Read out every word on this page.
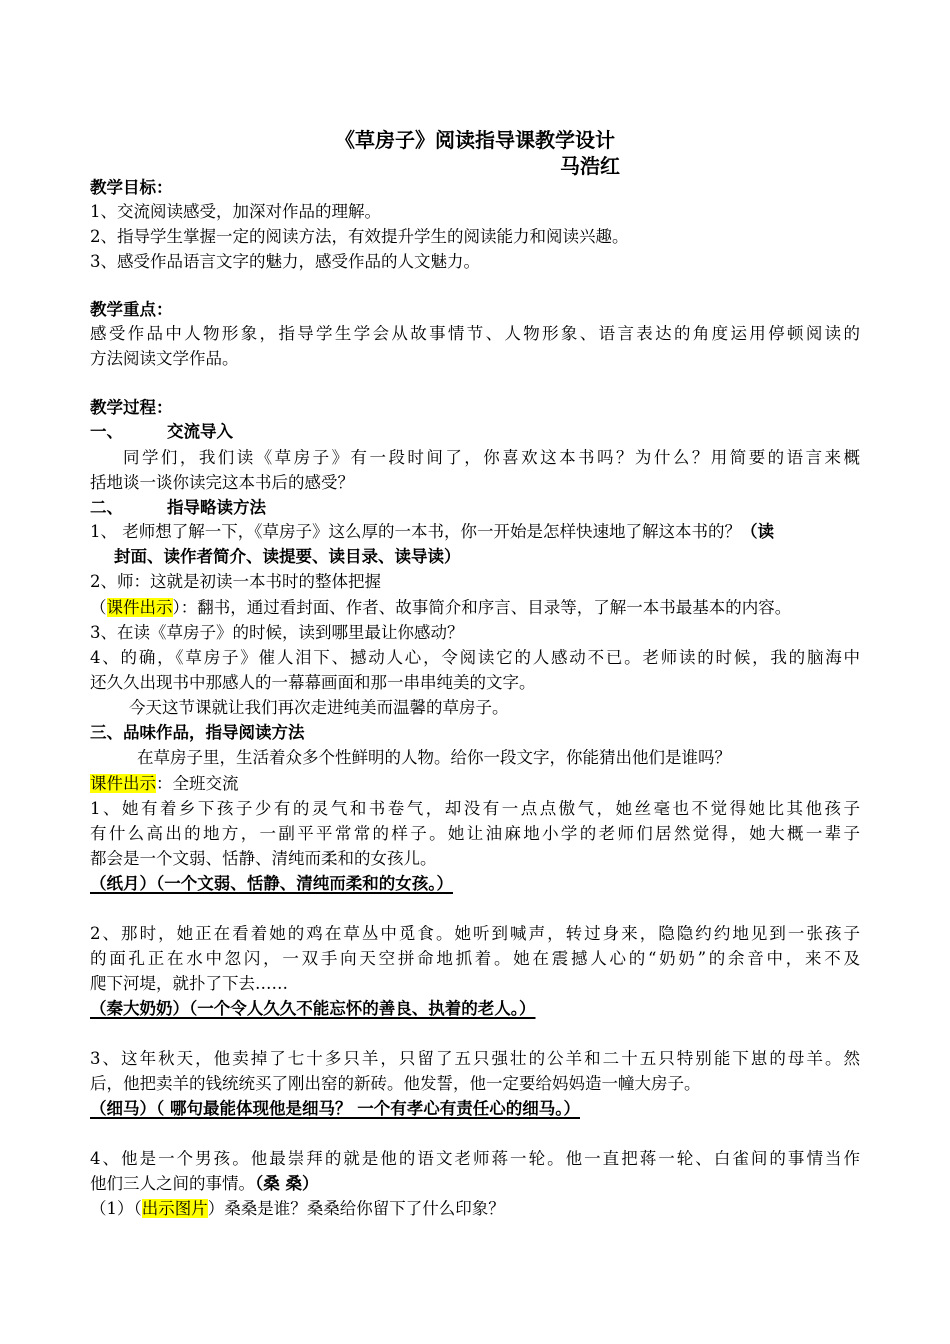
《草房子》阅读指导课教学设计
马浩红
教学目标：
1、交流阅读感受，加深对作品的理解。
2、指导学生掌握一定的阅读方法，有效提升学生的阅读能力和阅读兴趣。
3、感受作品语言文字的魅力，感受作品的人文魅力。
教学重点：
感受作品中人物形象，指导学生学会从故事情节、人物形象、语言表达的角度运用停顿阅读的
方法阅读文学作品。
教学过程：
一、	交流导入
同学们，我们读《草房子》有一段时间了，你喜欢这本书吗？为什么？用简要的语言来概
括地谈一谈你读完这本书后的感受？
二、	指导略读方法
1、 老师想了解一下，《草房子》这么厚的一本书，你一开始是怎样快速地了解这本书的？（读
封面、读作者简介、读提要、读目录、读导读）
2、师：这就是初读一本书时的整体把握
（课件出示）：翻书，通过看封面、作者、故事简介和序言、目录等，了解一本书最基本的内容。
3、在读《草房子》的时候，读到哪里最让你感动？
4、的确，《草房子》催人泪下、撼动人心，令阅读它的人感动不已。老师读的时候，我的脑海中
还久久出现书中那感人的一幕幕画面和那一串串纯美的文字。
今天这节课就让我们再次走进纯美而温馨的草房子。
三、品味作品，指导阅读方法
在草房子里，生活着众多个性鲜明的人物。给你一段文字，你能猜出他们是谁吗？
课件出示：全班交流
1、她有着乡下孩子少有的灵气和书卷气，却没有一点点傲气，她丝毫也不觉得她比其他孩子
有什么高出的地方，一副平平常常的样子。她让油麻地小学的老师们居然觉得，她大概一辈子
都会是一个文弱、恬静、清纯而柔和的女孩儿。
（纸月）（一个文弱、恬静、清纯而柔和的女孩。）
2、那时，她正在看着她的鸡在草丛中觅食。她听到喊声，转过身来，隐隐约约地见到一张孩子
的面孔正在水中忽闪，一双手向天空拼命地抓着。她在震撼人心的“奶奶”的余音中，来不及
爬下河堤，就扑了下去……
（秦大奶奶）（一个令人久久不能忘怀的善良、执着的老人。）
3、这年秋天，他卖掉了七十多只羊，只留了五只强壮的公羊和二十五只特别能下崽的母羊。然
后，他把卖羊的钱统统买了刚出窑的新砖。他发誓，他一定要给妈妈造一幢大房子。
（细马）（ 哪句最能体现他是细马？ 一个有孝心有责任心的细马。）
4、他是一个男孩。他最崇拜的就是他的语文老师蒋一轮。他一直把蒋一轮、白雀间的事情当作
他们三人之间的事情。（桑 桑）
（1）（出示图片）桑桑是谁？桑桑给你留下了什么印象？
